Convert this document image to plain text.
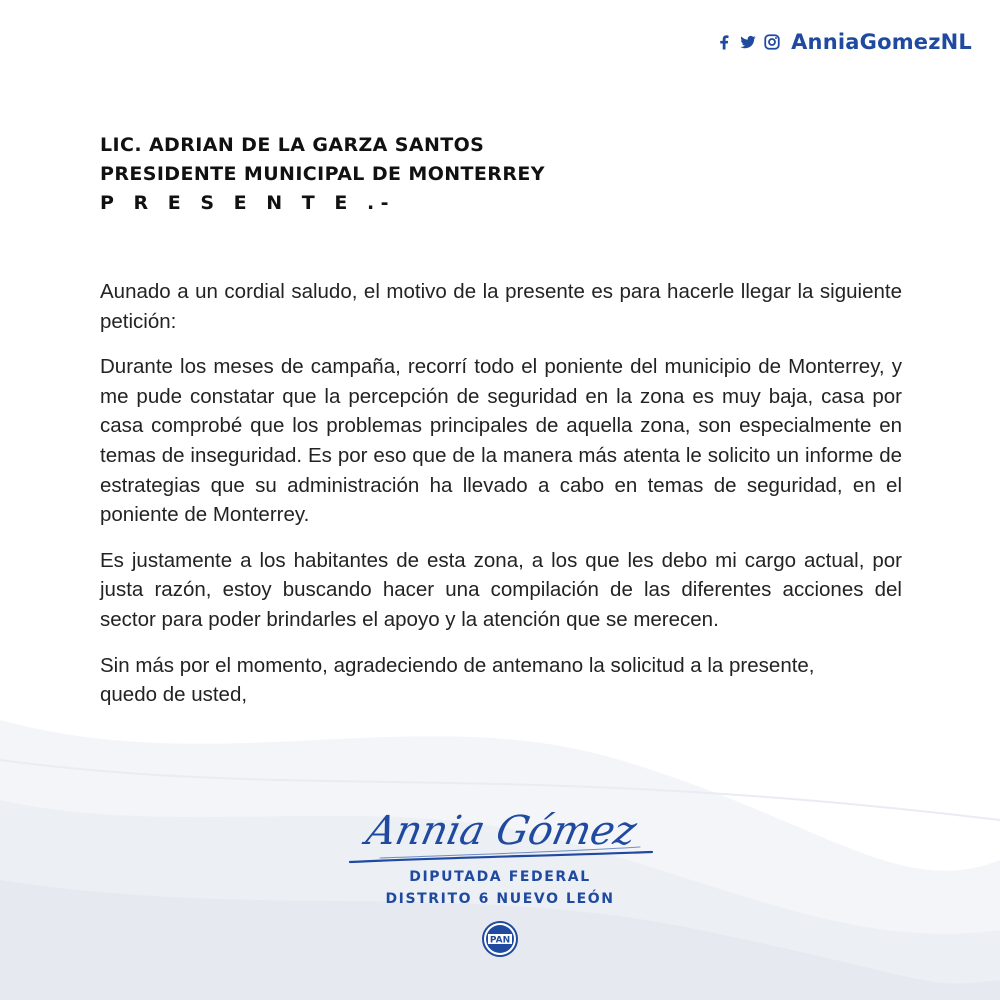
AnniaGomezNL
LIC. ADRIAN DE LA GARZA SANTOS
PRESIDENTE MUNICIPAL DE MONTERREY
P R E S E N T E .-

Aunado a un cordial saludo, el motivo de la presente es para hacerle llegar la siguiente petición:

Durante los meses de campaña, recorrí todo el poniente del municipio de Monterrey, y me pude constatar que la percepción de seguridad en la zona es muy baja, casa por casa comprobé que los problemas principales de aquella zona, son especialmente en temas de inseguridad. Es por eso que de la manera más atenta le solicito un informe de estrategias que su administración ha llevado a cabo en temas de seguridad, en el poniente de Monterrey.

Es justamente a los habitantes de esta zona, a los que les debo mi cargo actual, por justa razón, estoy buscando hacer una compilación de las diferentes acciones del sector para poder brindarles el apoyo y la atención que se merecen.

Sin más por el momento, agradeciendo de antemano la solicitud a la presente,
quedo de usted,

Annia Gómez
DIPUTADA FEDERAL
DISTRITO 6 NUEVO LEÓN
PAN
